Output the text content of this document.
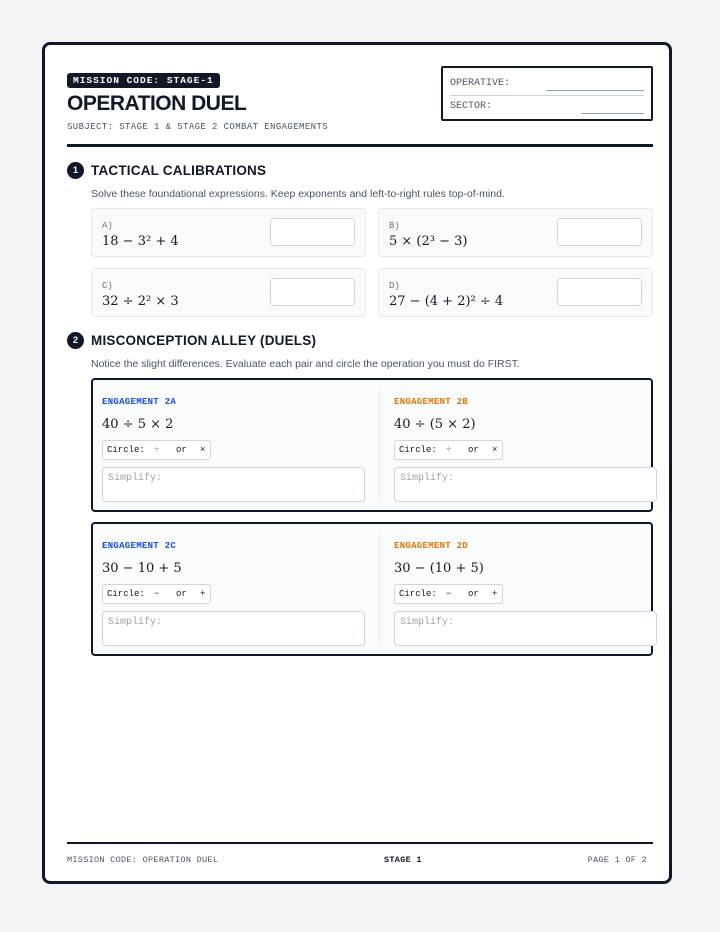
MISSION CODE: STAGE-1
OPERATION DUEL
SUBJECT: STAGE 1 & STAGE 2 COMBAT ENGAGEMENTS
OPERATIVE:
SECTOR:
1 TACTICAL CALIBRATIONS
Solve these foundational expressions. Keep exponents and left-to-right rules top-of-mind.
A)
18 − 3² + 4
B)
5 × (2³ − 3)
C)
32 ÷ 2² × 3
D)
27 − (4 + 2)² ÷ 4
2 MISCONCEPTION ALLEY (DUELS)
Notice the slight differences. Evaluate each pair and circle the operation you must do FIRST.
ENGAGEMENT 2A
40 ÷ 5 × 2
Circle: ÷ or ×
Simplify:
ENGAGEMENT 2B
40 ÷ (5 × 2)
Circle: ÷ or ×
Simplify:
ENGAGEMENT 2C
30 − 10 + 5
Circle: − or +
Simplify:
ENGAGEMENT 2D
30 − (10 + 5)
Circle: − or +
Simplify:
MISSION CODE: OPERATION DUEL	STAGE 1	PAGE 1 OF 2
